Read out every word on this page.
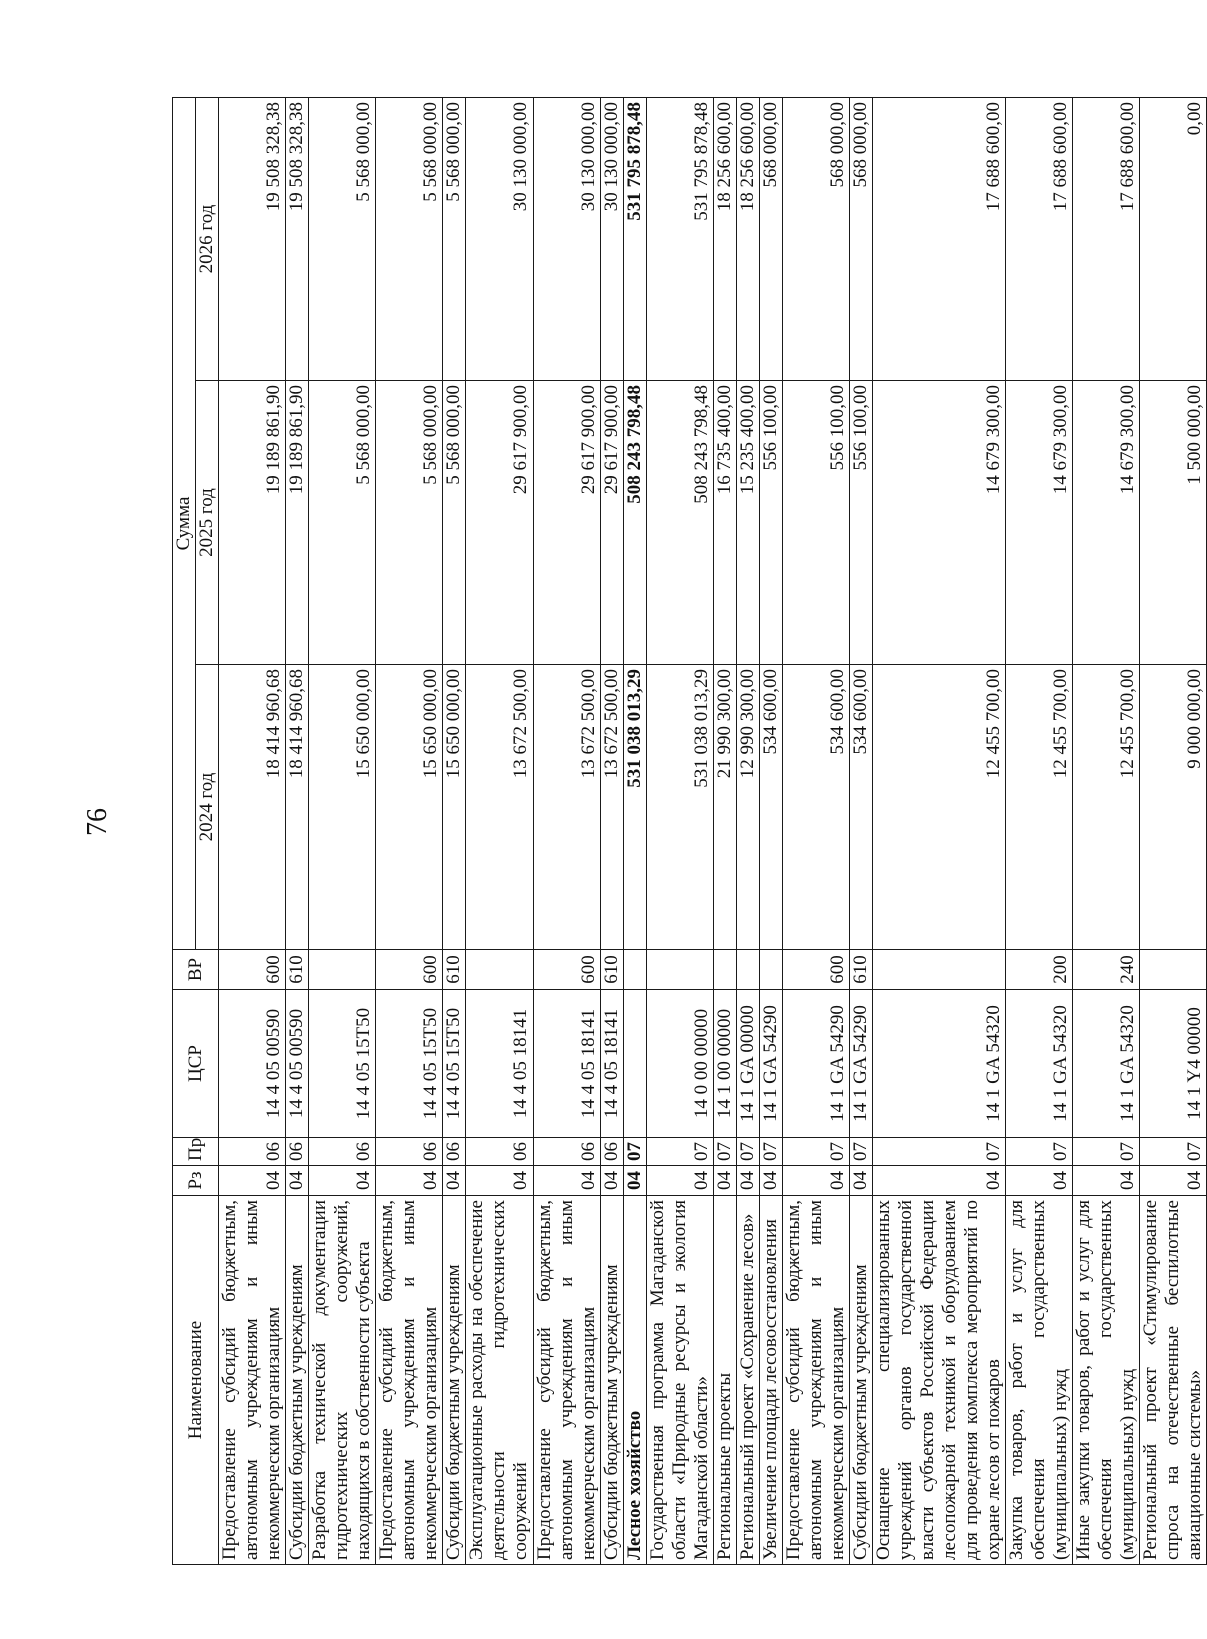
76
Наименование	Рз	Пр	ЦСР	ВР	Сумма		
					2024 год	2025 год	2026 год
Предоставление субсидий бюджетным, автономным учреждениям и иным некоммерческим организациям	04	06	14 4 05 00590	600	18 414 960,68	19 189 861,90	19 508 328,38
Субсидии бюджетным учреждениям	04	06	14 4 05 00590	610	18 414 960,68	19 189 861,90	19 508 328,38
Разработка технической документации гидротехнических сооружений, находящихся в собственности субъекта	04	06	14 4 05 15Т50		15 650 000,00	5 568 000,00	5 568 000,00
Предоставление субсидий бюджетным, автономным учреждениям и иным некоммерческим организациям	04	06	14 4 05 15Т50	600	15 650 000,00	5 568 000,00	5 568 000,00
Субсидии бюджетным учреждениям	04	06	14 4 05 15Т50	610	15 650 000,00	5 568 000,00	5 568 000,00
Эксплуатационные расходы на обеспечение деятельности гидротехнических сооружений	04	06	14 4 05 18141		13 672 500,00	29 617 900,00	30 130 000,00
Предоставление субсидий бюджетным, автономным учреждениям и иным некоммерческим организациям	04	06	14 4 05 18141	600	13 672 500,00	29 617 900,00	30 130 000,00
Субсидии бюджетным учреждениям	04	06	14 4 05 18141	610	13 672 500,00	29 617 900,00	30 130 000,00
Лесное хозяйство	04	07			531 038 013,29	508 243 798,48	531 795 878,48
Государственная программа Магаданской области «Природные ресурсы и экология Магаданской области»	04	07	14 0 00 00000		531 038 013,29	508 243 798,48	531 795 878,48
Региональные проекты	04	07	14 1 00 00000		21 990 300,00	16 735 400,00	18 256 600,00
Региональный проект «Сохранение лесов»	04	07	14 1 GA 00000		12 990 300,00	15 235 400,00	18 256 600,00
Увеличение площади лесовосстановления	04	07	14 1 GA 54290		534 600,00	556 100,00	568 000,00
Предоставление субсидий бюджетным, автономным учреждениям и иным некоммерческим организациям	04	07	14 1 GA 54290	600	534 600,00	556 100,00	568 000,00
Субсидии бюджетным учреждениям	04	07	14 1 GA 54290	610	534 600,00	556 100,00	568 000,00
Оснащение специализированных учреждений органов государственной власти субъектов Российской Федерации лесопожарной техникой и оборудованием для проведения комплекса мероприятий по охране лесов от пожаров	04	07	14 1 GA 54320		12 455 700,00	14 679 300,00	17 688 600,00
Закупка товаров, работ и услуг для обеспечения государственных (муниципальных) нужд	04	07	14 1 GA 54320	200	12 455 700,00	14 679 300,00	17 688 600,00
Иные закупки товаров, работ и услуг для обеспечения государственных (муниципальных) нужд	04	07	14 1 GA 54320	240	12 455 700,00	14 679 300,00	17 688 600,00
Региональный проект «Стимулирование спроса на отечественные беспилотные авиационные системы»	04	07	14 1 Y4 00000		9 000 000,00	1 500 000,00	0,00
